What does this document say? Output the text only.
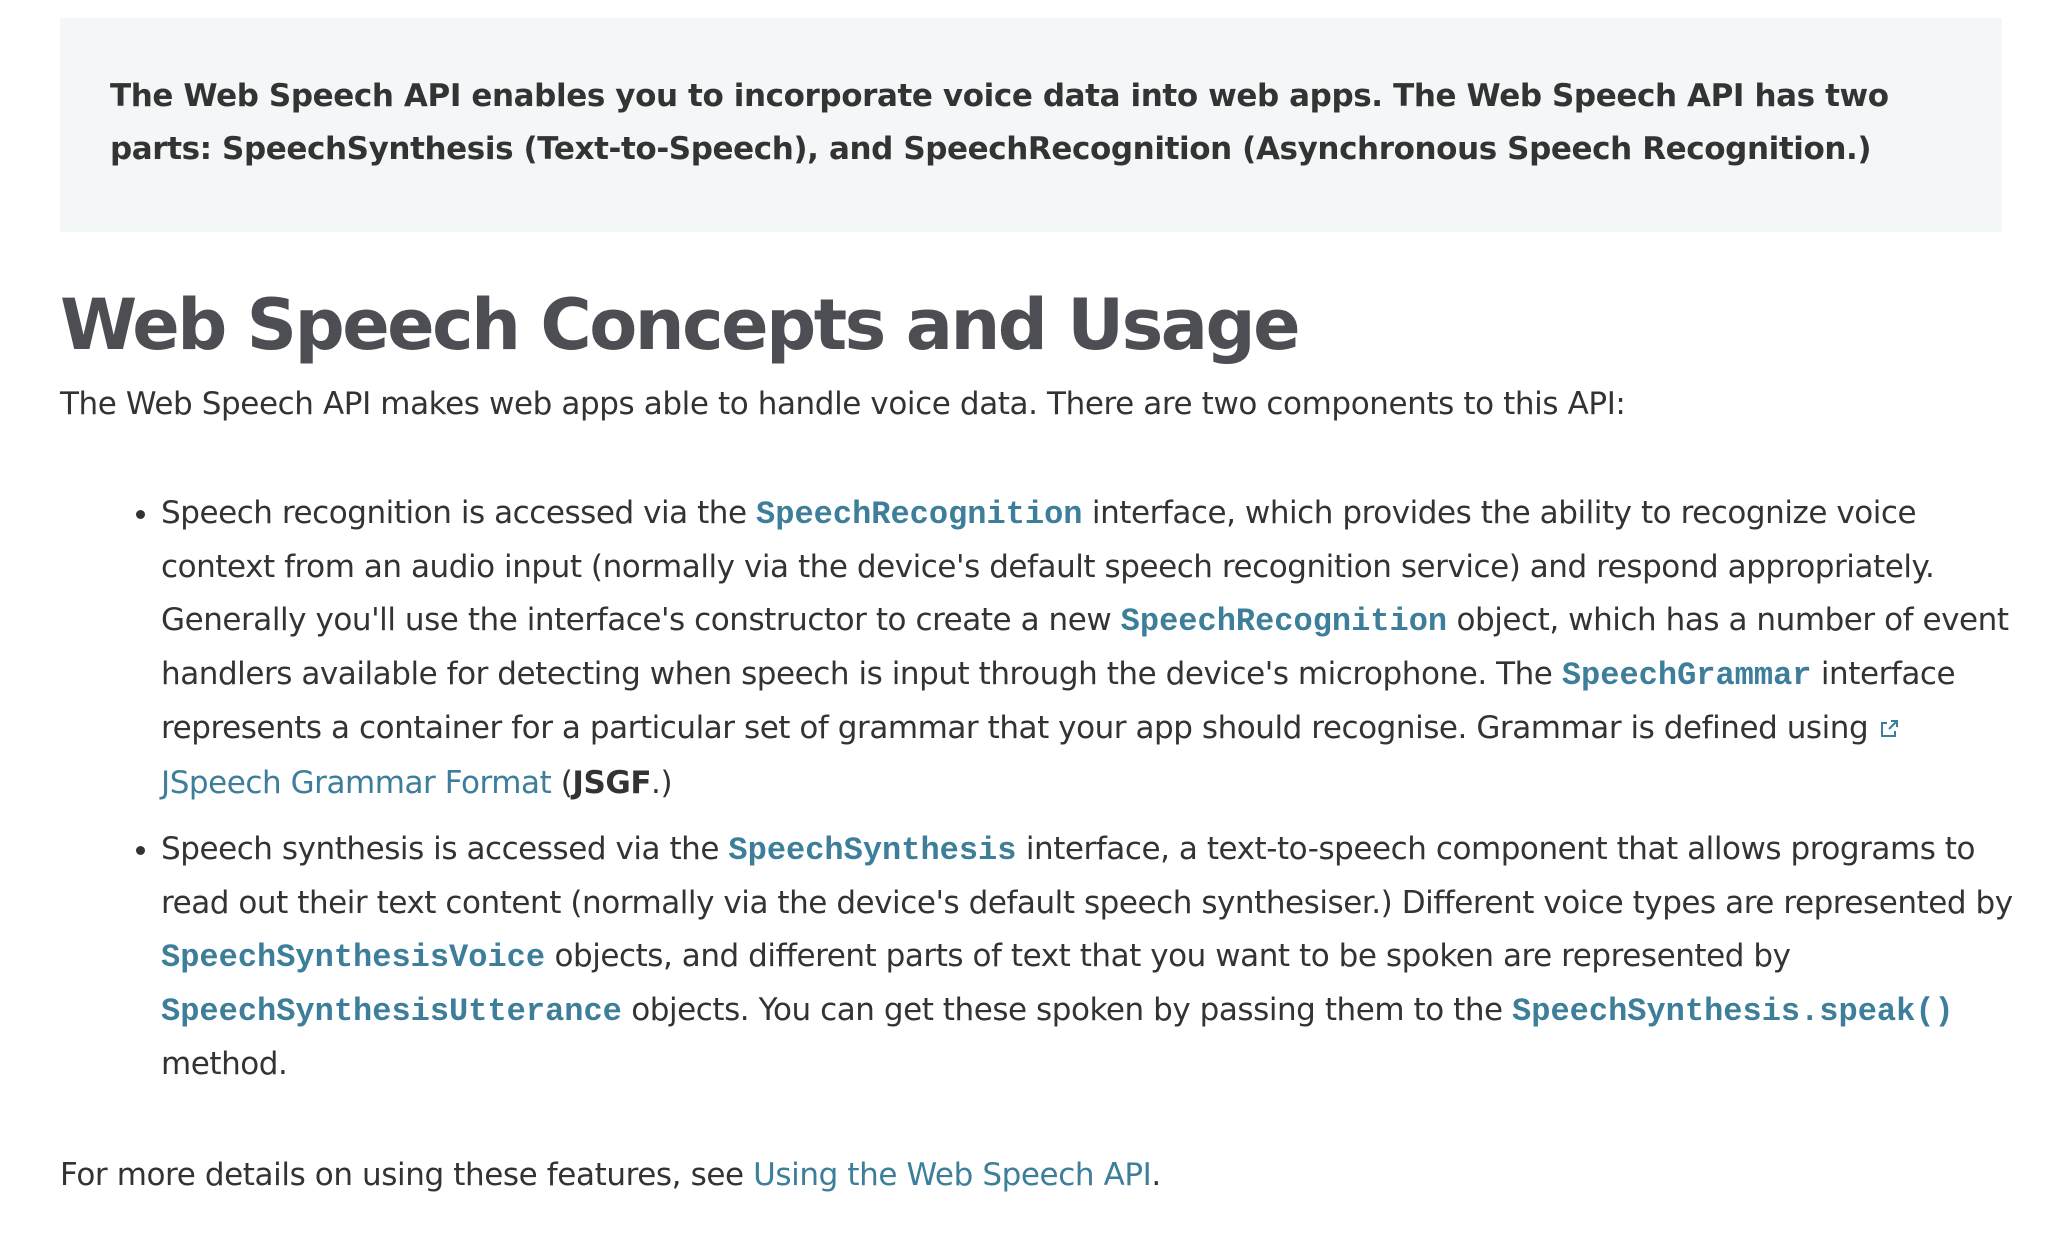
The Web Speech API enables you to incorporate voice data into web apps. The Web Speech API has two parts: SpeechSynthesis (Text-to-Speech), and SpeechRecognition (Asynchronous Speech Recognition.)
Web Speech Concepts and Usage

The Web Speech API makes web apps able to handle voice data. There are two components to this API:

• Speech recognition is accessed via the SpeechRecognition interface, which provides the ability to recognize voice context from an audio input (normally via the device's default speech recognition service) and respond appropriately. Generally you'll use the interface's constructor to create a new SpeechRecognition object, which has a number of event handlers available for detecting when speech is input through the device's microphone. The SpeechGrammar interface represents a container for a particular set of grammar that your app should recognise. Grammar is defined using JSpeech Grammar Format (JSGF.)
• Speech synthesis is accessed via the SpeechSynthesis interface, a text-to-speech component that allows programs to read out their text content (normally via the device's default speech synthesiser.) Different voice types are represented by SpeechSynthesisVoice objects, and different parts of text that you want to be spoken are represented by SpeechSynthesisUtterance objects. You can get these spoken by passing them to the SpeechSynthesis.speak() method.

For more details on using these features, see Using the Web Speech API.
